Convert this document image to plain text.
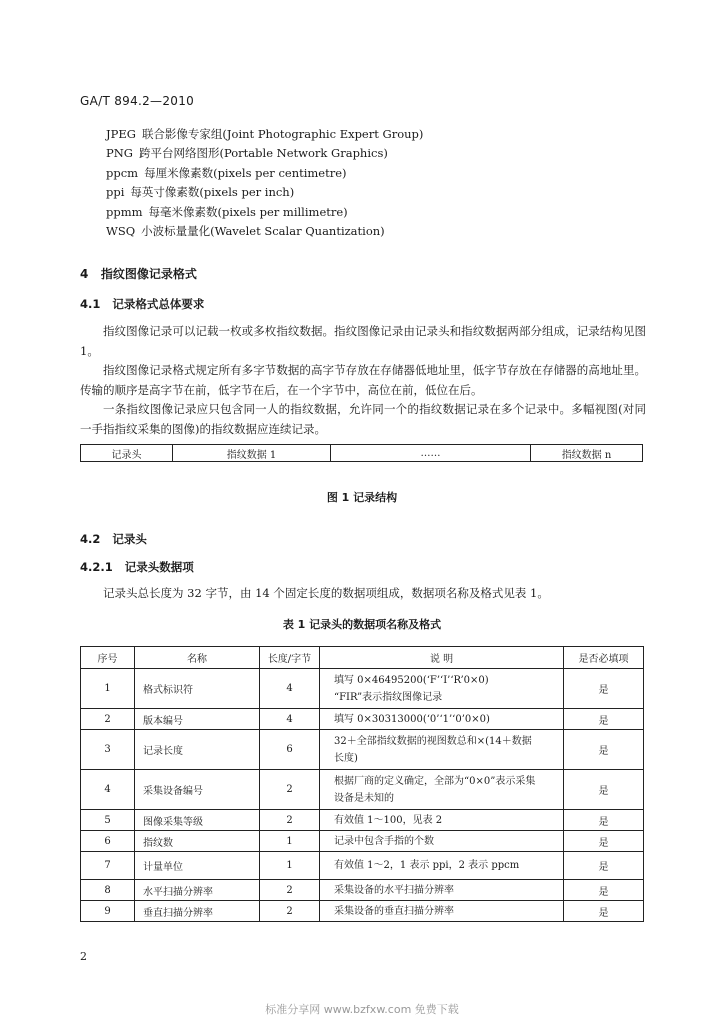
GA/T 894.2—2010
JPEG 联合影像专家组(Joint Photographic Expert Group)
PNG 跨平台网络图形(Portable Network Graphics)
ppcm 每厘米像素数(pixels per centimetre)
ppi 每英寸像素数(pixels per inch)
ppmm 每毫米像素数(pixels per millimetre)
WSQ 小波标量量化(Wavelet Scalar Quantization)
4 指纹图像记录格式
4.1 记录格式总体要求

指纹图像记录可以记载一枚或多枚指纹数据。指纹图像记录由记录头和指纹数据两部分组成，记录结构见图 1。

指纹图像记录格式规定所有多字节数据的高字节存放在存储器低地址里，低字节存放在存储器的高地址里。传输的顺序是高字节在前，低字节在后，在一个字节中，高位在前，低位在后。

一条指纹图像记录应只包含同一人的指纹数据，允许同一个的指纹数据记录在多个记录中。多幅视图(对同一手指指纹采集的图像)的指纹数据应连续记录。

记录头	指纹数据 1	……	指纹数据 n
图 1 记录结构
4.2 记录头
4.2.1 记录头数据项
记录头总长度为 32 字节，由 14 个固定长度的数据项组成，数据项名称及格式见表 1。
表 1 记录头的数据项名称及格式
序号	名称	长度/字节	说 明	是否必填项
1	格式标识符	4	填写 0×46495200(‘F’‘I’‘R’0×0)
“FIR”表示指纹图像记录	是
2	版本编号	4	填写 0×30313000(‘0’‘1’‘0’0×0)	是
3	记录长度	6	32＋全部指纹数据的视图数总和×(14＋数据
长度)	是
4	采集设备编号	2	根据厂商的定义确定，全部为“0×0”表示采集
设备是未知的	是
5	图像采集等级	2	有效值 1～100，见表 2	是
6	指纹数	1	记录中包含手指的个数	是
7	计量单位	1	有效值 1～2，1 表示 ppi，2 表示 ppcm	是
8	水平扫描分辨率	2	采集设备的水平扫描分辨率	是
9	垂直扫描分辨率	2	采集设备的垂直扫描分辨率	是
2
标准分享网 www.bzfxw.com 免费下载
